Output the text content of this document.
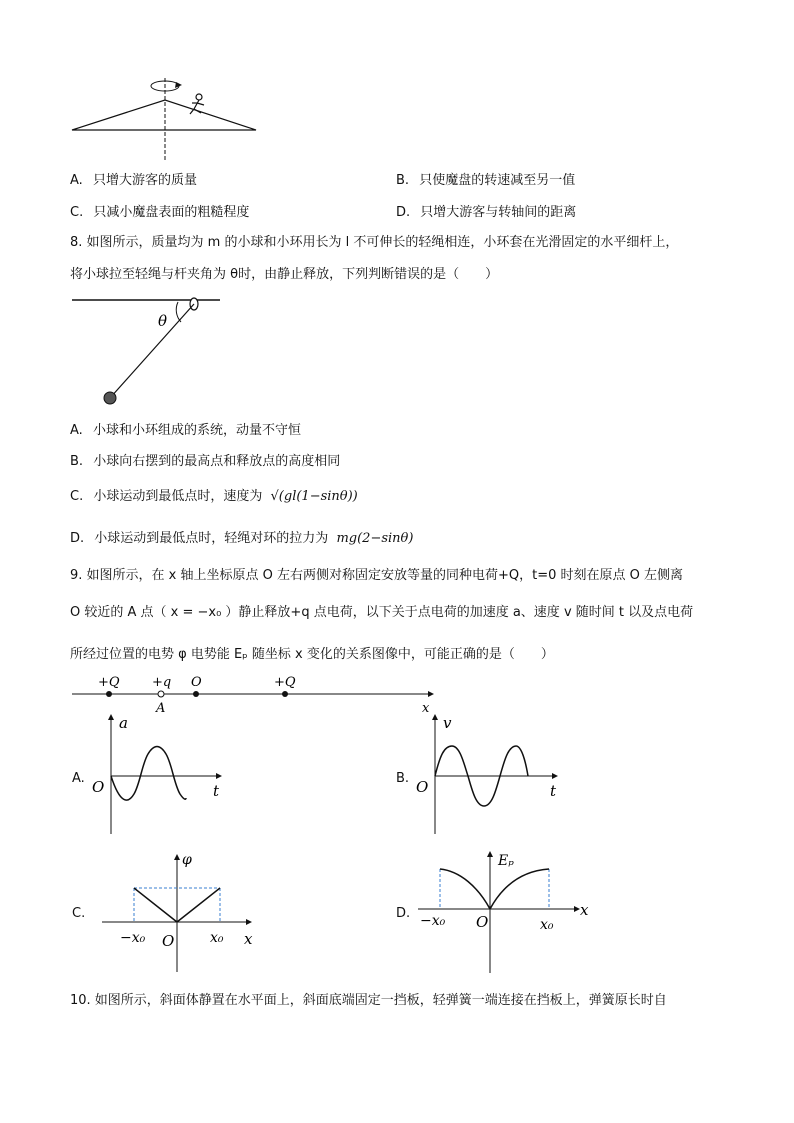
A. 只增大游客的质量	B. 只使魔盘的转速减至另一值
C. 只减小魔盘表面的粗糙程度	D. 只增大游客与转轴间的距离
8. 如图所示，质量均为 m 的小球和小环用长为 l 不可伸长的轻绳相连，小环套在光滑固定的水平细杆上，
将小球拉至轻绳与杆夹角为 θ时，由静止释放，下列判断错误的是（　　）
θ
A. 小球和小环组成的系统，动量不守恒
B. 小球向右摆到的最高点和释放点的高度相同
C. 小球运动到最低点时，速度为 √(gl(1−sinθ))
D. 小球运动到最低点时，轻绳对环的拉力为 mg(2−sinθ)
9. 如图所示，在 x 轴上坐标原点 O 左右两侧对称固定安放等量的同种电荷+Q，t=0 时刻在原点 O 左侧离
O 较近的 A 点（ x = −x₀ ）静止释放+q 点电荷，以下关于点电荷的加速度 a、速度 v 随时间 t 以及点电荷
所经过位置的电势 φ 电势能 Eₚ 随坐标 x 变化的关系图像中，可能正确的是（　　）
+Q +q O	+Q
A	x
A.
a
t
O	B.
v
t
O
C.
φ
x
O
−x₀	x₀
D.
Eₚ
x
O
−x₀	x₀
10. 如图所示，斜面体静置在水平面上，斜面底端固定一挡板，轻弹簧一端连接在挡板上，弹簧原长时自
